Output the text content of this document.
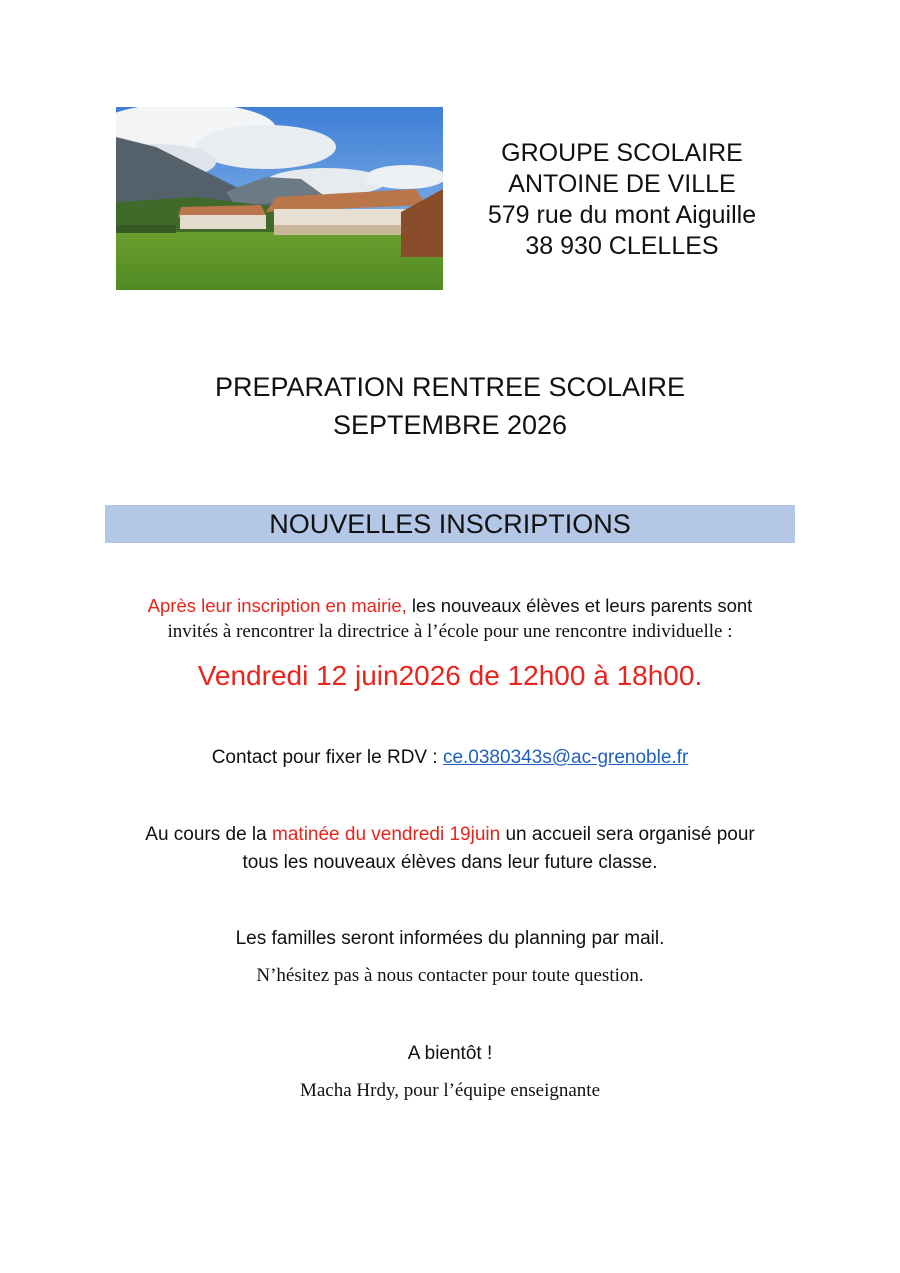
GROUPE SCOLAIRE
ANTOINE DE VILLE
579 rue du mont Aiguille
38 930 CLELLES
PREPARATION RENTREE SCOLAIRE
SEPTEMBRE 2026
NOUVELLES INSCRIPTIONS
Après leur inscription en mairie, les nouveaux élèves et leurs parents sont
invités à rencontrer la directrice à l’école pour une rencontre individuelle :
Vendredi 12 juin2026 de 12h00 à 18h00.
Contact pour fixer le RDV : ce.0380343s@ac-grenoble.fr
Au cours de la matinée du vendredi 19juin un accueil sera organisé pour
tous les nouveaux élèves dans leur future classe.
Les familles seront informées du planning par mail.
N’hésitez pas à nous contacter pour toute question.
A bientôt !
Macha Hrdy, pour l’équipe enseignante
